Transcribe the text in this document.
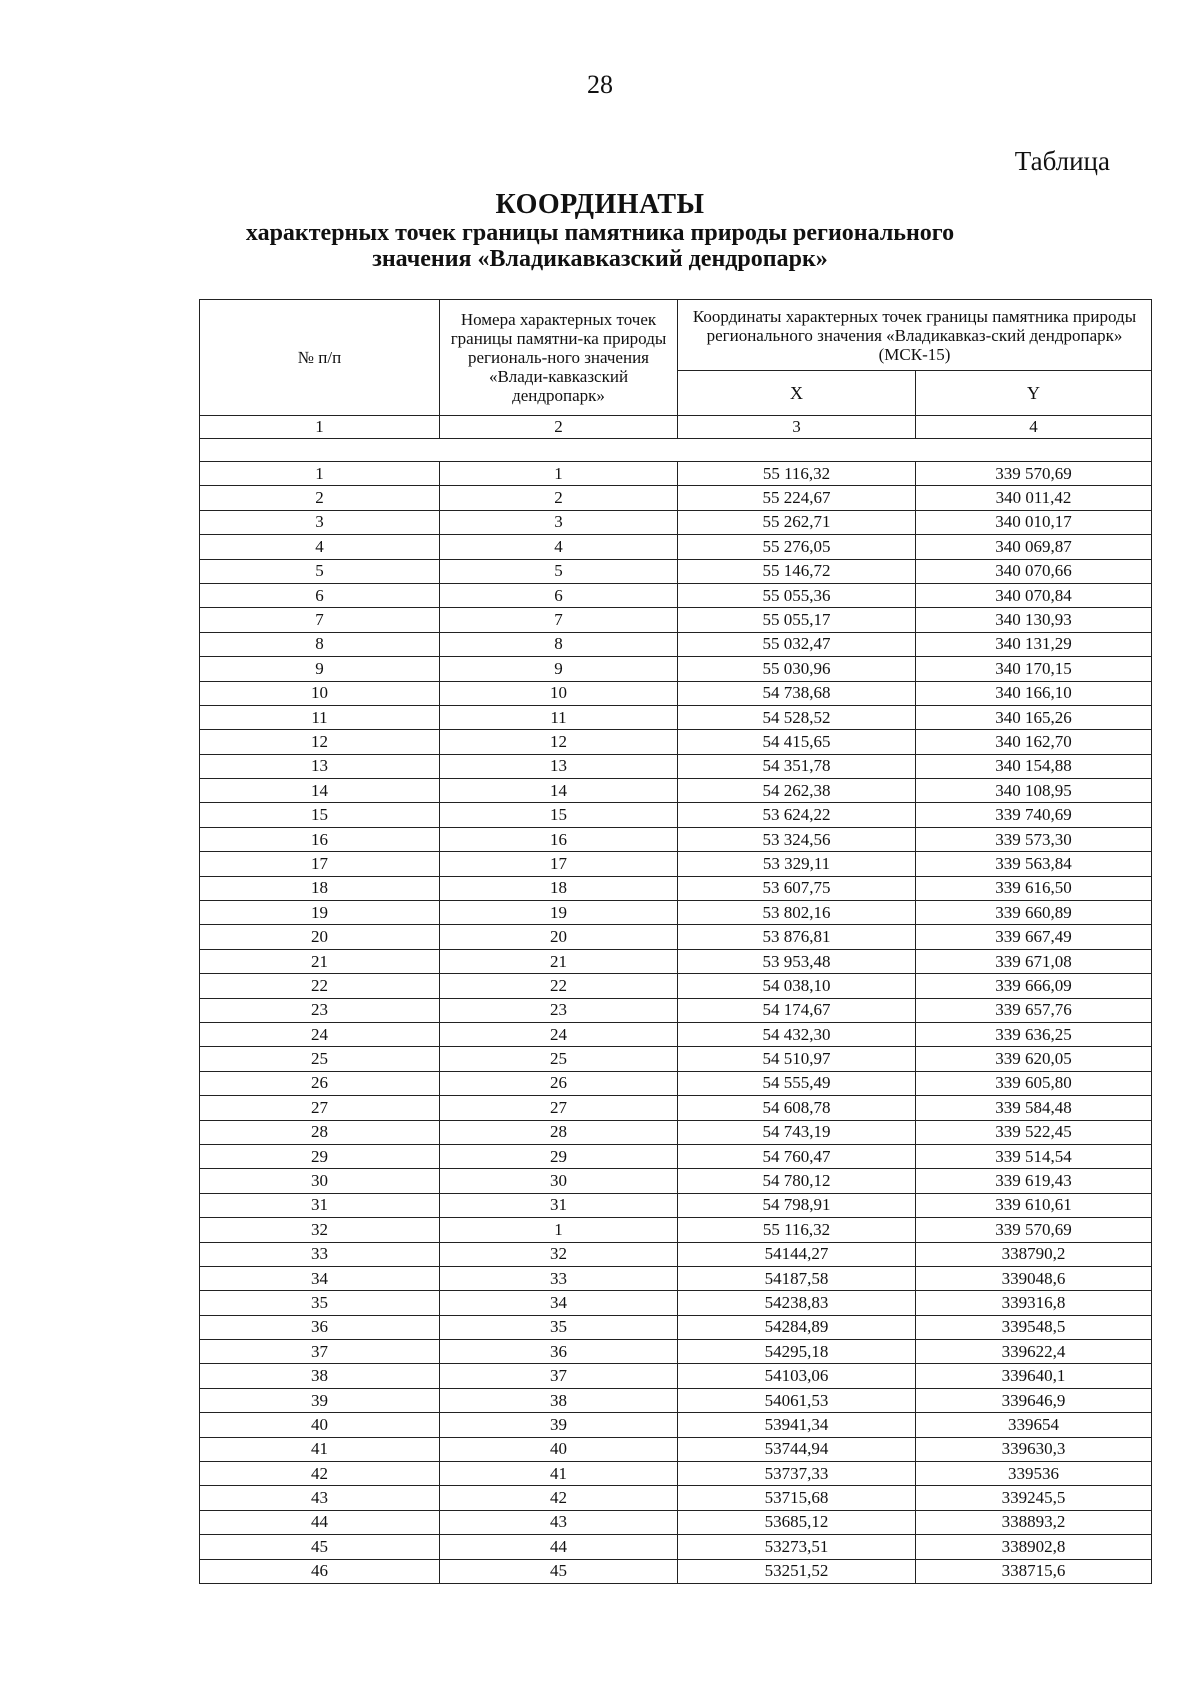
28
Таблица
КООРДИНАТЫ
характерных точек границы памятника природы регионального
значения «Владикавказский дендропарк»
№ п/п	Номера характерных точек границы памятни-ка природы региональ-ного значения «Влади-кавказский дендропарк»	Координаты характерных точек границы памятника природы регионального значения «Владикавказ-ский дендропарк» (МСК-15)	
		X	Y
1	2	3	4

1	1	55 116,32	339 570,69
2	2	55 224,67	340 011,42
3	3	55 262,71	340 010,17
4	4	55 276,05	340 069,87
5	5	55 146,72	340 070,66
6	6	55 055,36	340 070,84
7	7	55 055,17	340 130,93
8	8	55 032,47	340 131,29
9	9	55 030,96	340 170,15
10	10	54 738,68	340 166,10
11	11	54 528,52	340 165,26
12	12	54 415,65	340 162,70
13	13	54 351,78	340 154,88
14	14	54 262,38	340 108,95
15	15	53 624,22	339 740,69
16	16	53 324,56	339 573,30
17	17	53 329,11	339 563,84
18	18	53 607,75	339 616,50
19	19	53 802,16	339 660,89
20	20	53 876,81	339 667,49
21	21	53 953,48	339 671,08
22	22	54 038,10	339 666,09
23	23	54 174,67	339 657,76
24	24	54 432,30	339 636,25
25	25	54 510,97	339 620,05
26	26	54 555,49	339 605,80
27	27	54 608,78	339 584,48
28	28	54 743,19	339 522,45
29	29	54 760,47	339 514,54
30	30	54 780,12	339 619,43
31	31	54 798,91	339 610,61
32	1	55 116,32	339 570,69
33	32	54144,27	338790,2
34	33	54187,58	339048,6
35	34	54238,83	339316,8
36	35	54284,89	339548,5
37	36	54295,18	339622,4
38	37	54103,06	339640,1
39	38	54061,53	339646,9
40	39	53941,34	339654
41	40	53744,94	339630,3
42	41	53737,33	339536
43	42	53715,68	339245,5
44	43	53685,12	338893,2
45	44	53273,51	338902,8
46	45	53251,52	338715,6
